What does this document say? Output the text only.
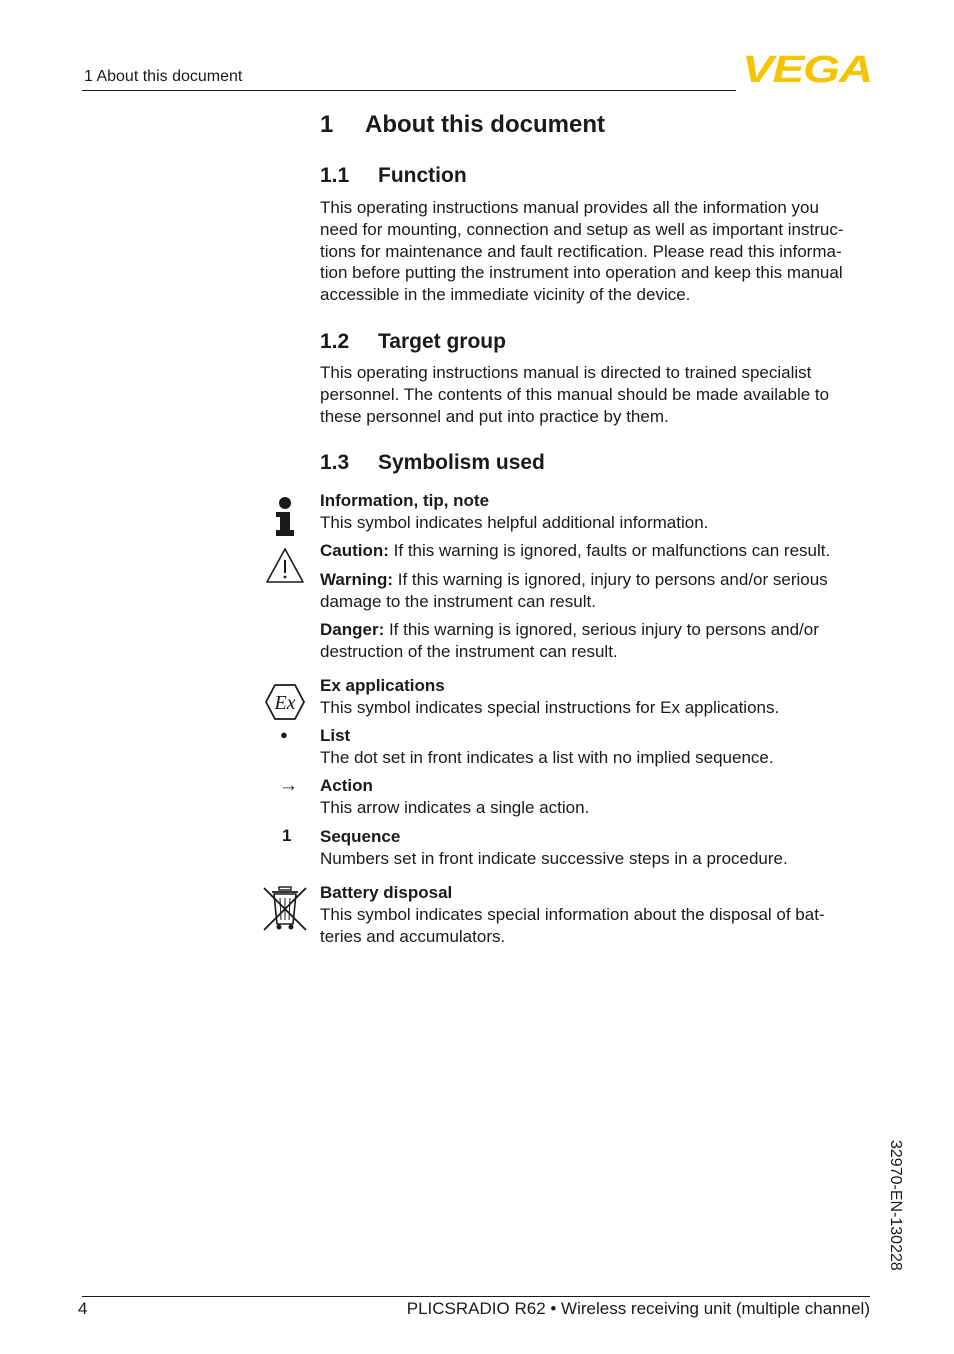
1 About this document	VEGA
1 About this document
1.1 Function
This operating instructions manual provides all the information you
need for mounting, connection and setup as well as important instruc-
tions for maintenance and fault rectification. Please read this informa-
tion before putting the instrument into operation and keep this manual
accessible in the immediate vicinity of the device.
1.2 Target group
This operating instructions manual is directed to trained specialist
personnel. The contents of this manual should be made available to
these personnel and put into practice by them.
1.3 Symbolism used
Information, tip, note
This symbol indicates helpful additional information.
Caution: If this warning is ignored, faults or malfunctions can result.
Warning: If this warning is ignored, injury to persons and/or serious
damage to the instrument can result.
Danger: If this warning is ignored, serious injury to persons and/or
destruction of the instrument can result.
Ex
Ex applications
This symbol indicates special instructions for Ex applications.
● List
The dot set in front indicates a list with no implied sequence.
→ Action
This arrow indicates a single action.
1 Sequence
Numbers set in front indicate successive steps in a procedure.
Battery disposal
This symbol indicates special information about the disposal of bat-
teries and accumulators.
32970-EN-130228
4	PLICSRADIO R62 • Wireless receiving unit (multiple channel)
